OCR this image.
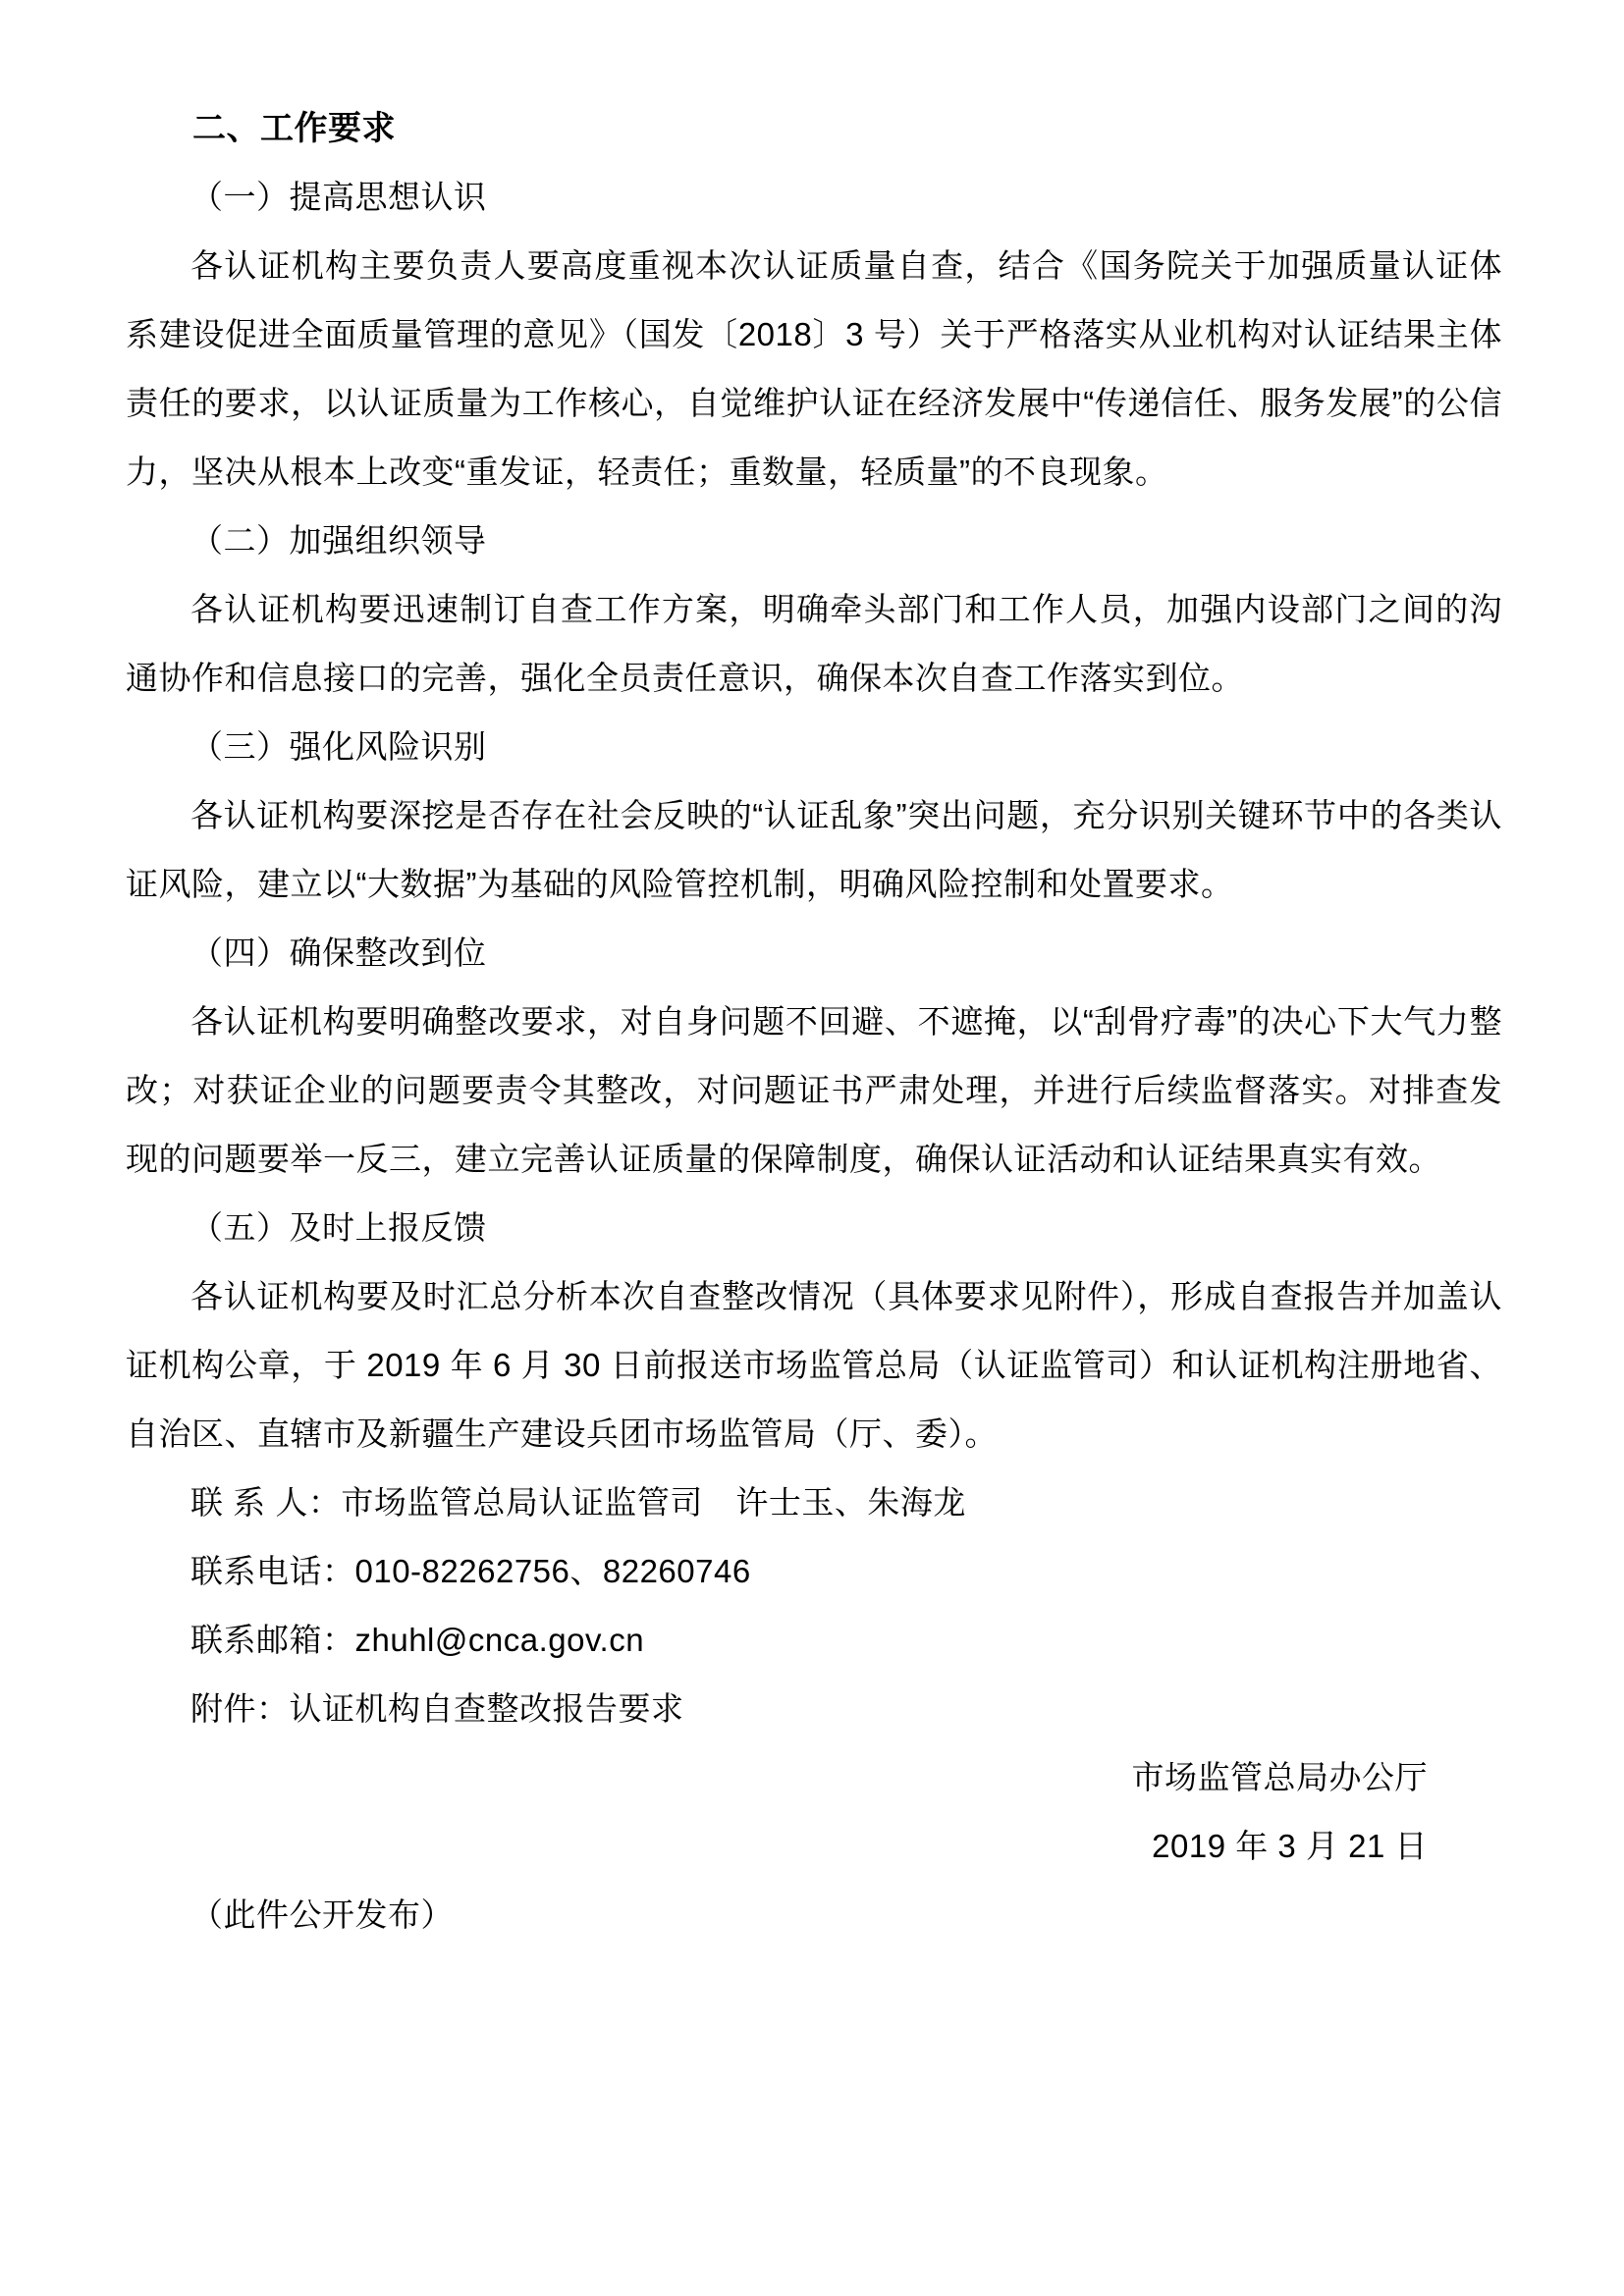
二、工作要求
（一）提高思想认识

各认证机构主要负责人要高度重视本次认证质量自查，结合《国务院关于加强质量认证体系建设促进全面质量管理的意见》（国发〔2018〕3 号）关于严格落实从业机构对认证结果主体责任的要求，以认证质量为工作核心，自觉维护认证在经济发展中“传递信任、服务发展”的公信力，坚决从根本上改变“重发证，轻责任；重数量，轻质量”的不良现象。

（二）加强组织领导

各认证机构要迅速制订自查工作方案，明确牵头部门和工作人员，加强内设部门之间的沟通协作和信息接口的完善，强化全员责任意识，确保本次自查工作落实到位。

（三）强化风险识别

各认证机构要深挖是否存在社会反映的“认证乱象”突出问题，充分识别关键环节中的各类认证风险，建立以“大数据”为基础的风险管控机制，明确风险控制和处置要求。

（四）确保整改到位

各认证机构要明确整改要求，对自身问题不回避、不遮掩，以“刮骨疗毒”的决心下大气力整改；对获证企业的问题要责令其整改，对问题证书严肃处理，并进行后续监督落实。对排查发现的问题要举一反三，建立完善认证质量的保障制度，确保认证活动和认证结果真实有效。

（五）及时上报反馈

各认证机构要及时汇总分析本次自查整改情况（具体要求见附件），形成自查报告并加盖认证机构公章，于 2019 年 6 月 30 日前报送市场监管总局（认证监管司）和认证机构注册地省、自治区、直辖市及新疆生产建设兵团市场监管局（厅、委）。

联 系 人：市场监管总局认证监管司　许士玉、朱海龙

联系电话：010-82262756、82260746

联系邮箱：zhuhl@cnca.gov.cn

附件：认证机构自查整改报告要求

市场监管总局办公厅

2019 年 3 月 21 日

（此件公开发布）
